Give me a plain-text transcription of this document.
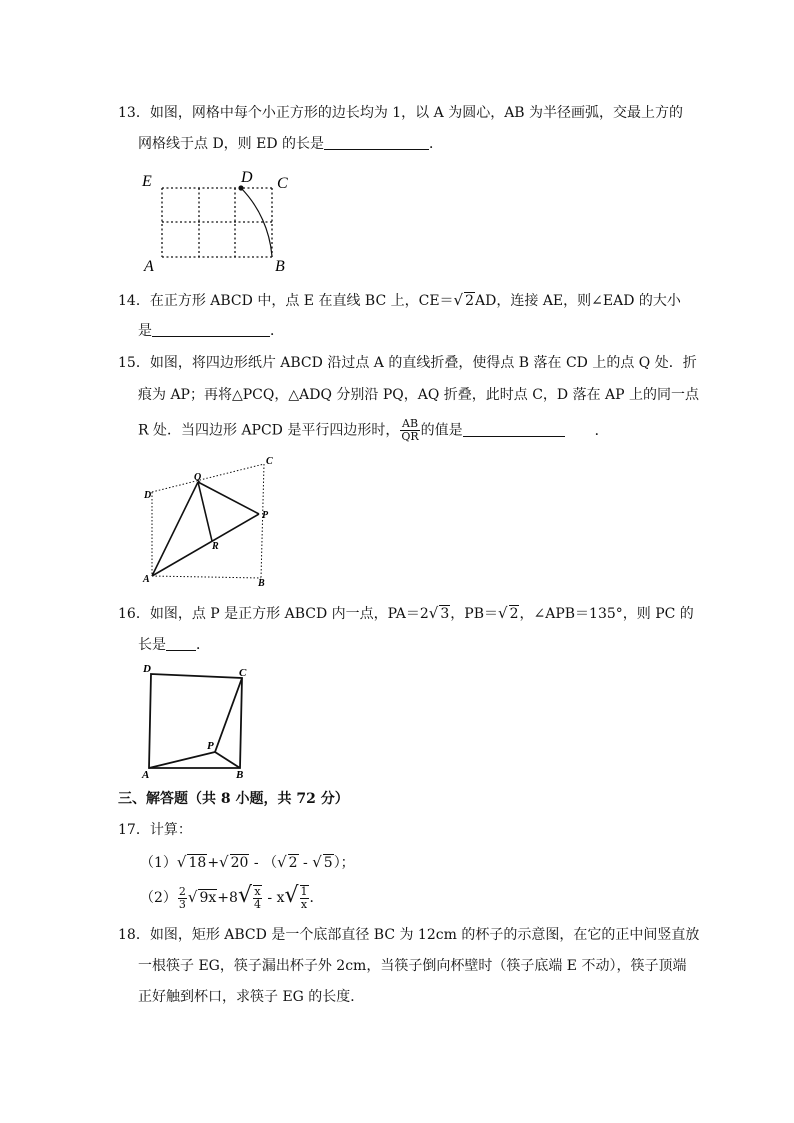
13．如图，网格中每个小正方形的边长均为 1，以 A 为圆心，AB 为半径画弧，交最上方的
网格线于点 D，则 ED 的长是	．
E	D C
A	B
14．在正方形 ABCD 中，点 E 在直线 BC 上，CE＝√ 2AD，连接 AE，则∠EAD 的大小
是	．
15．如图，将四边形纸片 ABCD 沿过点 A 的直线折叠，使得点 B 落在 CD 上的点 Q 处．折
痕为 AP；再将△PCQ，△ADQ 分别沿 PQ，AQ 折叠，此时点 C，D 落在 AP 上的同一点
R 处．当四边形 APCD 是平行四边形时， $\frac{AB}{QR}$ 的值是	．
Q
C
D
P
R
A	B
16．如图，点 P 是正方形 ABCD 内一点，PA＝2√ 3，PB＝√ 2，∠APB＝135°，则 PC 的
长是 ．
D	C
P
A	B
三、解答题（共 8 小题，共 72 分）
17．计算：
（1）√ 18+√ 20 - （√ 2 - √ 5）；
$(2) \frac{2}{3}$ √ $9x+8√ \frac{x}{4} - x√ \frac{1}{x}$ ．
18．如图，矩形 ABCD 是一个底部直径 BC 为 12cm 的杯子的示意图，在它的正中间竖直放
一根筷子 EG，筷子漏出杯子外 2cm，当筷子倒向杯壁时（筷子底端 E 不动），筷子顶端
正好触到杯口，求筷子 EG 的长度．
